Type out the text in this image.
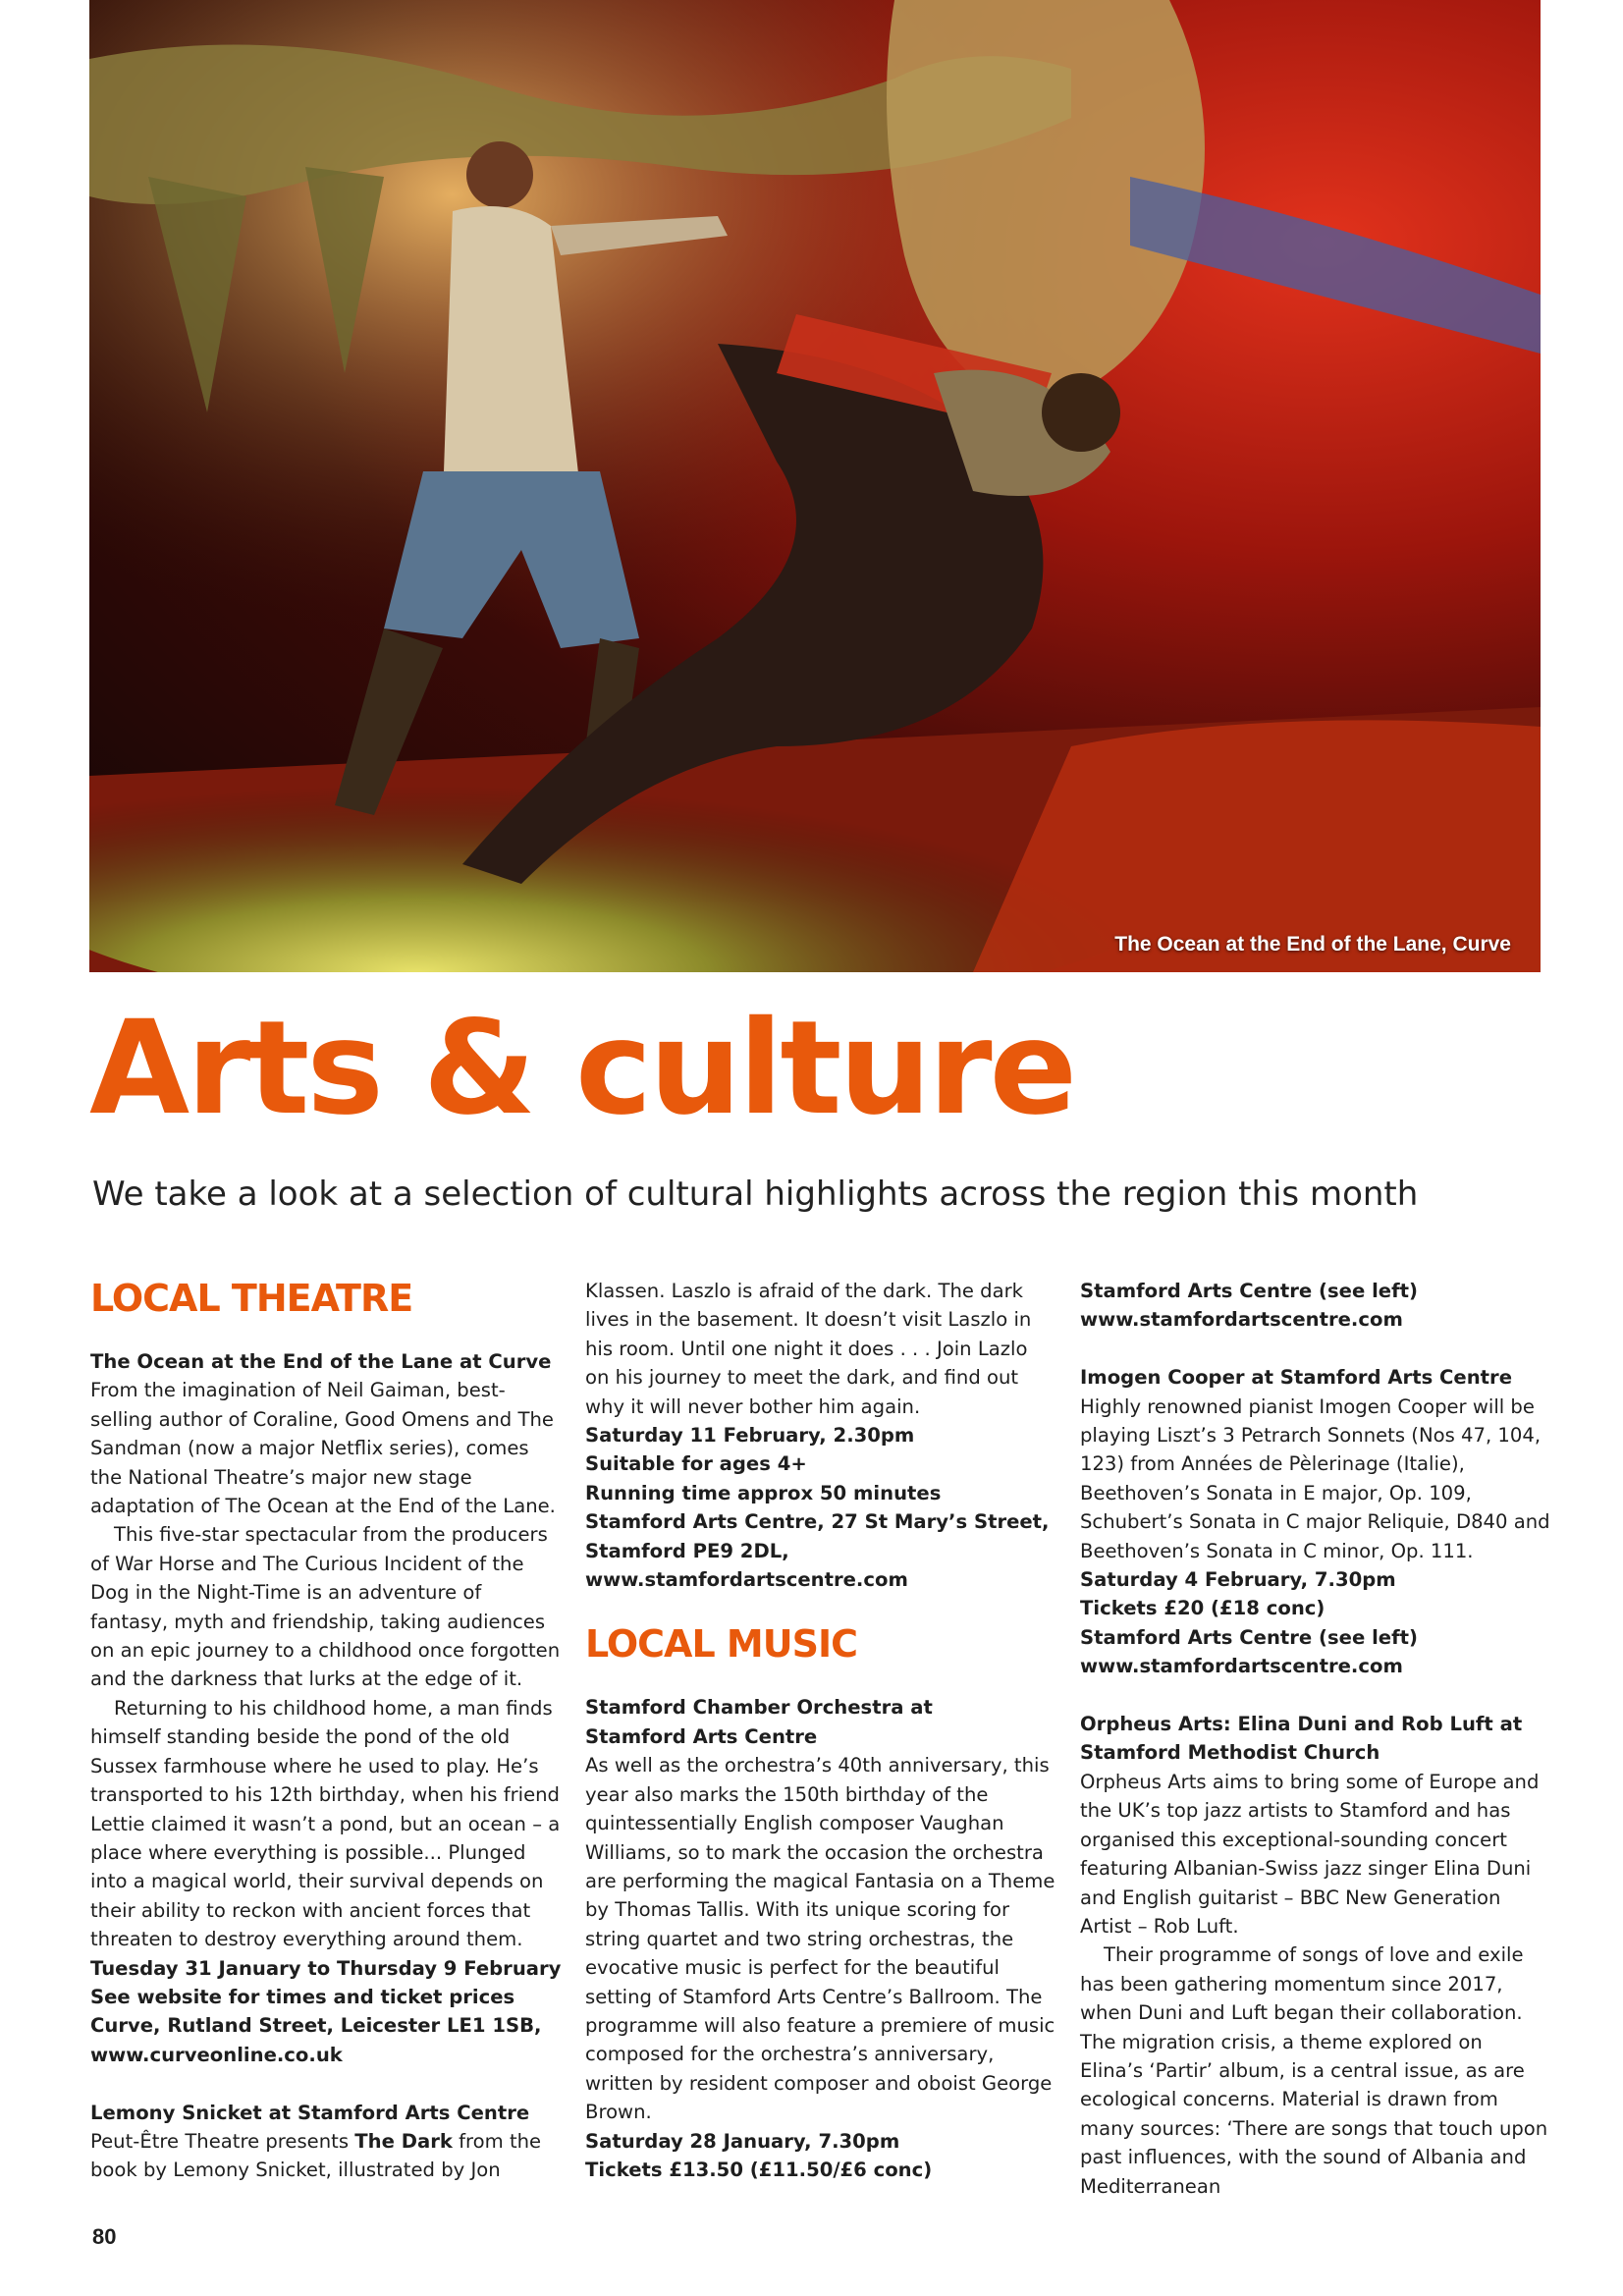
The Ocean at the End of the Lane, Curve
Arts & culture
We take a look at a selection of cultural highlights across the region this month

LOCAL THEATRE

The Ocean at the End of the Lane at Curve

From the imagination of Neil Gaiman, best-selling author of Coraline, Good Omens and The Sandman (now a major Netflix series), comes the National Theatre’s major new stage adaptation of The Ocean at the End of the Lane.

This five-star spectacular from the producers of War Horse and The Curious Incident of the Dog in the Night-Time is an adventure of fantasy, myth and friendship, taking audiences on an epic journey to a childhood once forgotten and the darkness that lurks at the edge of it.

Returning to his childhood home, a man finds himself standing beside the pond of the old Sussex farmhouse where he used to play. He’s transported to his 12th birthday, when his friend Lettie claimed it wasn’t a pond, but an ocean – a place where everything is possible... Plunged into a magical world, their survival depends on their ability to reckon with ancient forces that threaten to destroy everything around them.

Tuesday 31 January to Thursday 9 February

See website for times and ticket prices

Curve, Rutland Street, Leicester LE1 1SB,

www.curveonline.co.uk

Lemony Snicket at Stamford Arts Centre

Peut-Être Theatre presents The Dark from the book by Lemony Snicket, illustrated by Jon

Klassen. Laszlo is afraid of the dark. The dark lives in the basement. It doesn’t visit Laszlo in his room. Until one night it does . . . Join Lazlo on his journey to meet the dark, and find out why it will never bother him again.

Saturday 11 February, 2.30pm

Suitable for ages 4+

Running time approx 50 minutes

Stamford Arts Centre, 27 St Mary’s Street,

Stamford PE9 2DL,

www.stamfordartscentre.com

LOCAL MUSIC

Stamford Chamber Orchestra at

Stamford Arts Centre

As well as the orchestra’s 40th anniversary, this year also marks the 150th birthday of the quintessentially English composer Vaughan Williams, so to mark the occasion the orchestra are performing the magical Fantasia on a Theme by Thomas Tallis. With its unique scoring for string quartet and two string orchestras, the evocative music is perfect for the beautiful setting of Stamford Arts Centre’s Ballroom. The programme will also feature a premiere of music composed for the orchestra’s anniversary, written by resident composer and oboist George Brown.

Saturday 28 January, 7.30pm

Tickets £13.50 (£11.50/£6 conc)

Stamford Arts Centre (see left)

www.stamfordartscentre.com

Imogen Cooper at Stamford Arts Centre

Highly renowned pianist Imogen Cooper will be playing Liszt’s 3 Petrarch Sonnets (Nos 47, 104, 123) from Années de Pèlerinage (Italie), Beethoven’s Sonata in E major, Op. 109, Schubert’s Sonata in C major Reliquie, D840 and Beethoven’s Sonata in C minor, Op. 111.

Saturday 4 February, 7.30pm

Tickets £20 (£18 conc)

Stamford Arts Centre (see left)

www.stamfordartscentre.com

Orpheus Arts: Elina Duni and Rob Luft at

Stamford Methodist Church

Orpheus Arts aims to bring some of Europe and the UK’s top jazz artists to Stamford and has organised this exceptional-sounding concert featuring Albanian-Swiss jazz singer Elina Duni and English guitarist – BBC New Generation Artist – Rob Luft.

Their programme of songs of love and exile has been gathering momentum since 2017, when Duni and Luft began their collaboration. The migration crisis, a theme explored on Elina’s ‘Partir’ album, is a central issue, as are ecological concerns. Material is drawn from many sources: ‘There are songs that touch upon past influences, with the sound of Albania and Mediterranean

80
